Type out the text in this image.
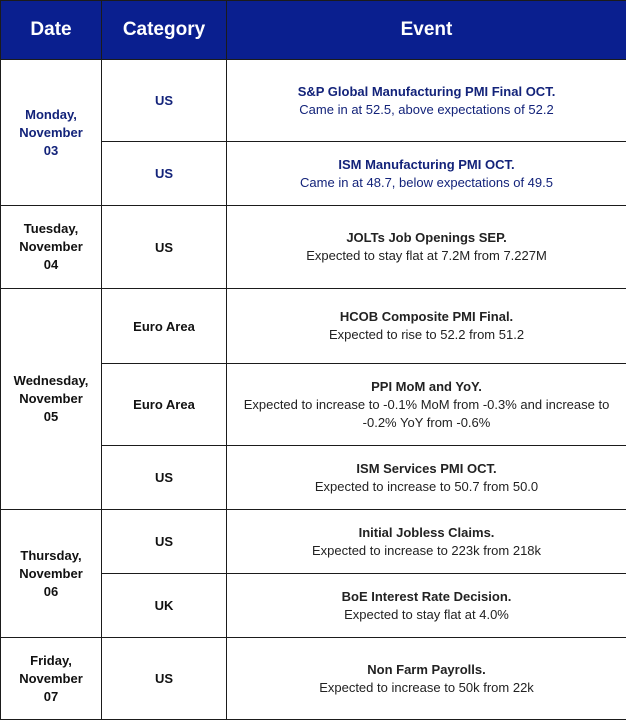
Date	Category	Event
Monday,
November
03	US	S&P Global Manufacturing PMI Final OCT.
Came in at 52.5, above expectations of 52.2

	US	ISM Manufacturing PMI OCT.
Came in at 48.7, below expectations of 49.5

Tuesday,
November
04	US	JOLTs Job Openings SEP.
Expected to stay flat at 7.2M from 7.227M

Wednesday,
November
05	Euro Area	HCOB Composite PMI Final.
Expected to rise to 52.2 from 51.2

	Euro Area	PPI MoM and YoY.
Expected to increase to -0.1% MoM from -0.3% and increase to -0.2% YoY from -0.6%

	US	ISM Services PMI OCT.
Expected to increase to 50.7 from 50.0

Thursday,
November
06	US	Initial Jobless Claims.
Expected to increase to 223k from 218k

	UK	BoE Interest Rate Decision.
Expected to stay flat at 4.0%

Friday,
November
07	US	Non Farm Payrolls.
Expected to increase to 50k from 22k
